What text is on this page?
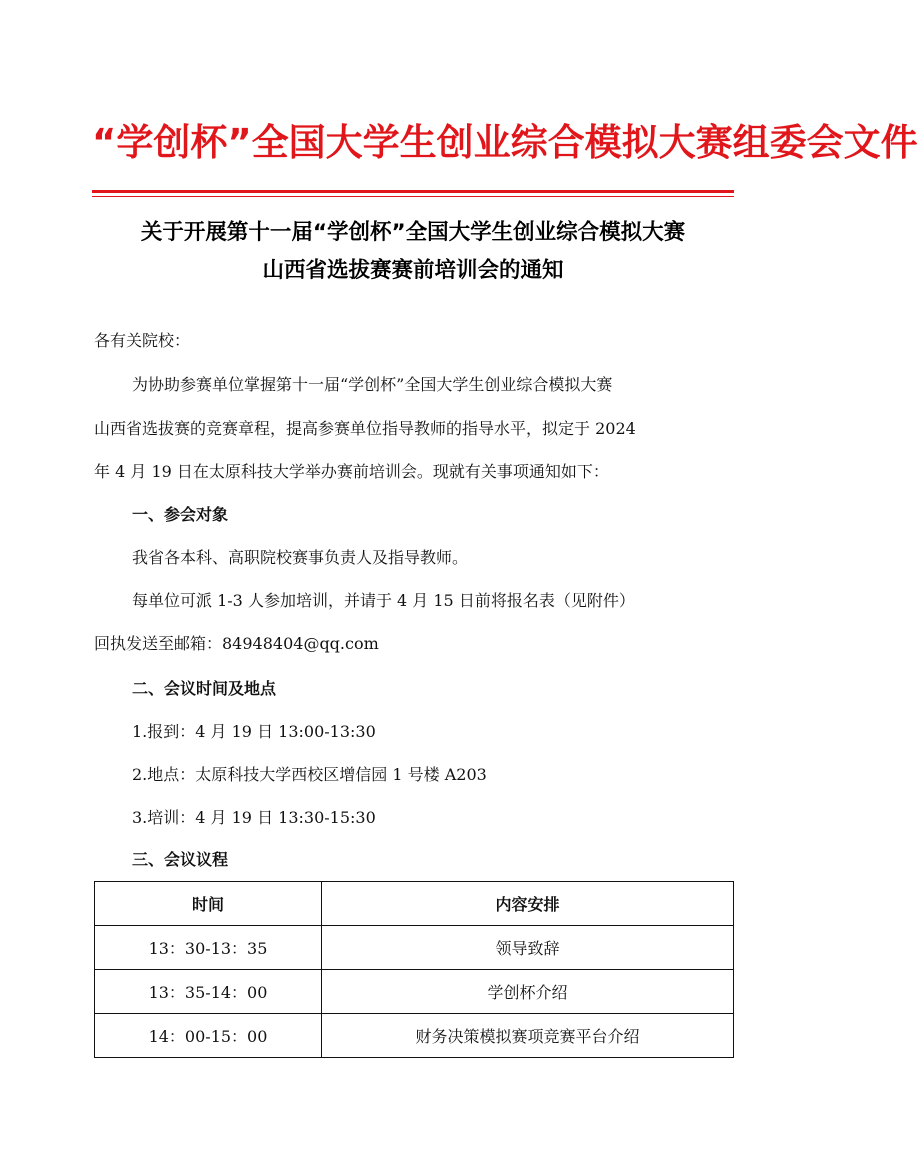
“学创杯”全国大学生创业综合模拟大赛组委会文件
关于开展第十一届“学创杯”全国大学生创业综合模拟大赛
山西省选拔赛赛前培训会的通知
各有关院校：
为协助参赛单位掌握第十一届“学创杯”全国大学生创业综合模拟大赛
山西省选拔赛的竞赛章程，提高参赛单位指导教师的指导水平，拟定于 2024
年 4 月 19 日在太原科技大学举办赛前培训会。现就有关事项通知如下：
一、参会对象
我省各本科、高职院校赛事负责人及指导教师。
每单位可派 1-3 人参加培训，并请于 4 月 15 日前将报名表（见附件）
回执发送至邮箱：84948404@qq.com
二、会议时间及地点
1.报到：4 月 19 日 13:00-13:30
2.地点：太原科技大学西校区增信园 1 号楼 A203
3.培训：4 月 19 日 13:30-15:30
三、会议议程
时间	内容安排
13：30-13：35	领导致辞
13：35-14：00	学创杯介绍
14：00-15：00	财务决策模拟赛项竞赛平台介绍
